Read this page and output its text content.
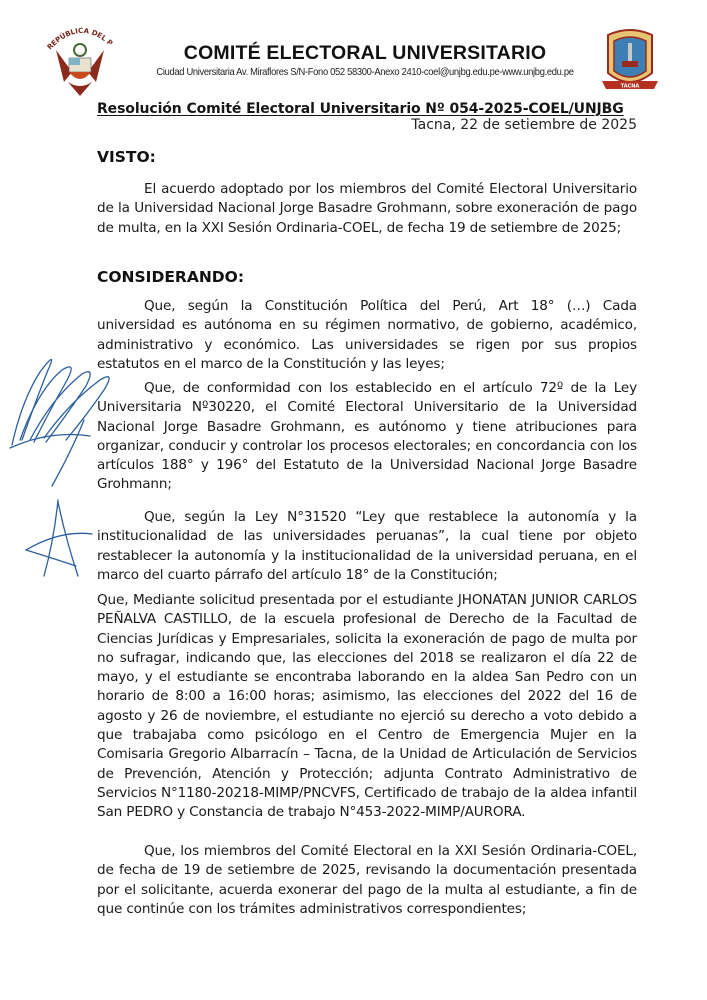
REPÚBLICA DEL P	COMITÉ ELECTORAL UNIVERSITARIO
Ciudad Universitaria Av. Miraflores S/N-Fono 052 58300-Anexo 2410-coel@unjbg.edu.pe-www.unjbg.edu.pe
TACNA
Resolución Comité Electoral Universitario Nº 054-2025-COEL/UNJBG
Tacna, 22 de setiembre de 2025
VISTO:
El acuerdo adoptado por los miembros del Comité Electoral Universitario de la Universidad Nacional Jorge Basadre Grohmann, sobre exoneración de pago de multa, en la XXI Sesión Ordinaria-COEL, de fecha 19 de setiembre de 2025;
CONSIDERANDO:
Que, según la Constitución Política del Perú, Art 18° (…) Cada universidad es autónoma en su régimen normativo, de gobierno, académico, administrativo y económico. Las universidades se rigen por sus propios estatutos en el marco de la Constitución y las leyes;
Que, de conformidad con los establecido en el artículo 72º de la Ley Universitaria Nº30220, el Comité Electoral Universitario de la Universidad Nacional Jorge Basadre Grohmann, es autónomo y tiene atribuciones para organizar, conducir y controlar los procesos electorales; en concordancia con los artículos 188° y 196° del Estatuto de la Universidad Nacional Jorge Basadre Grohmann;
Que, según la Ley N°31520 “Ley que restablece la autonomía y la institucionalidad de las universidades peruanas”, la cual tiene por objeto restablecer la autonomía y la institucionalidad de la universidad peruana, en el marco del cuarto párrafo del artículo 18° de la Constitución;
Que, Mediante solicitud presentada por el estudiante JHONATAN JUNIOR CARLOS PEÑALVA CASTILLO, de la escuela profesional de Derecho de la Facultad de Ciencias Jurídicas y Empresariales, solicita la exoneración de pago de multa por no sufragar, indicando que, las elecciones del 2018 se realizaron el día 22 de mayo, y el estudiante se encontraba laborando en la aldea San Pedro con un horario de 8:00 a 16:00 horas; asimismo, las elecciones del 2022 del 16 de agosto y 26 de noviembre, el estudiante no ejerció su derecho a voto debido a que trabajaba como psicólogo en el Centro de Emergencia Mujer en la Comisaria Gregorio Albarracín – Tacna, de la Unidad de Articulación de Servicios de Prevención, Atención y Protección; adjunta Contrato Administrativo de Servicios N°1180-20218-MIMP/PNCVFS, Certificado de trabajo de la aldea infantil San PEDRO y Constancia de trabajo N°453-2022-MIMP/AURORA.
Que, los miembros del Comité Electoral en la XXI Sesión Ordinaria-COEL, de fecha de 19 de setiembre de 2025, revisando la documentación presentada por el solicitante, acuerda exonerar del pago de la multa al estudiante, a fin de que continúe con los trámites administrativos correspondientes;
